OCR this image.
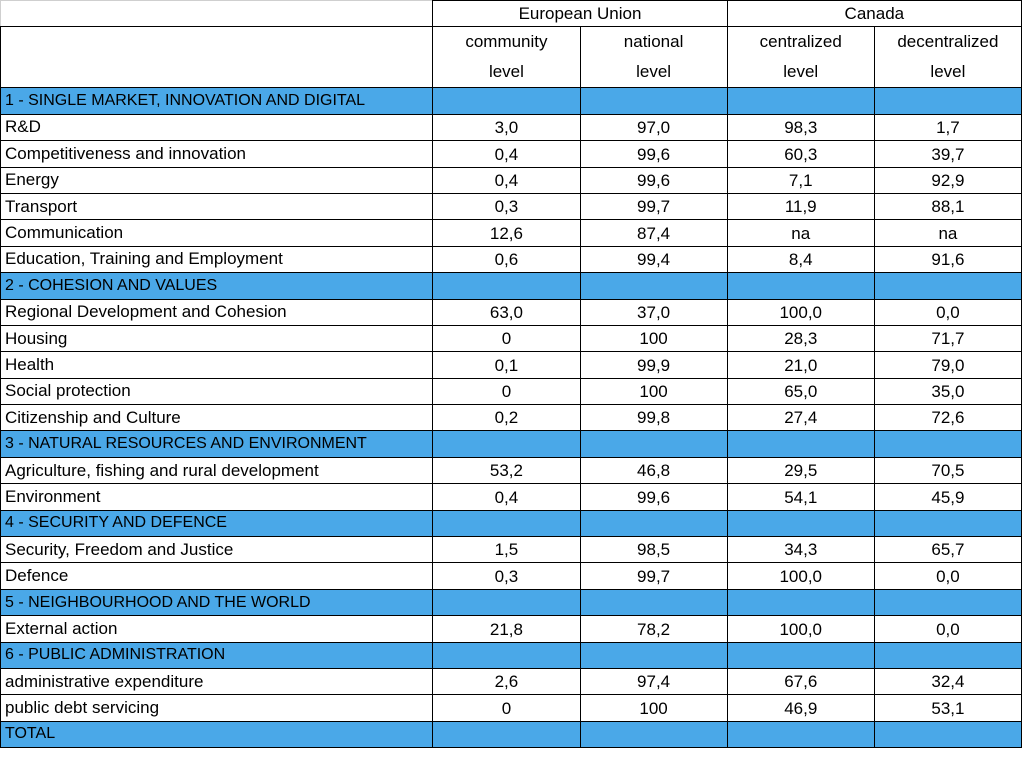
	European Union		Canada	
	community	national	centralized	decentralized
	level	level	level	level
1 - SINGLE MARKET, INNOVATION AND DIGITAL				
R&D	3,0	97,0	98,3	1,7
Competitiveness and innovation	0,4	99,6	60,3	39,7
Energy	0,4	99,6	7,1	92,9
Transport	0,3	99,7	11,9	88,1
Communication	12,6	87,4	na	na
Education, Training and Employment	0,6	99,4	8,4	91,6
2 - COHESION AND VALUES				
Regional Development and Cohesion	63,0	37,0	100,0	0,0
Housing	0	100	28,3	71,7
Health	0,1	99,9	21,0	79,0
Social protection	0	100	65,0	35,0
Citizenship and Culture	0,2	99,8	27,4	72,6
3 - NATURAL RESOURCES AND ENVIRONMENT				
Agriculture, fishing and rural development	53,2	46,8	29,5	70,5
Environment	0,4	99,6	54,1	45,9
4 - SECURITY AND DEFENCE				
Security, Freedom and Justice	1,5	98,5	34,3	65,7
Defence	0,3	99,7	100,0	0,0
5 - NEIGHBOURHOOD AND THE WORLD				
External action	21,8	78,2	100,0	0,0
6 - PUBLIC ADMINISTRATION				
administrative expenditure	2,6	97,4	67,6	32,4
public debt servicing	0	100	46,9	53,1
TOTAL				
